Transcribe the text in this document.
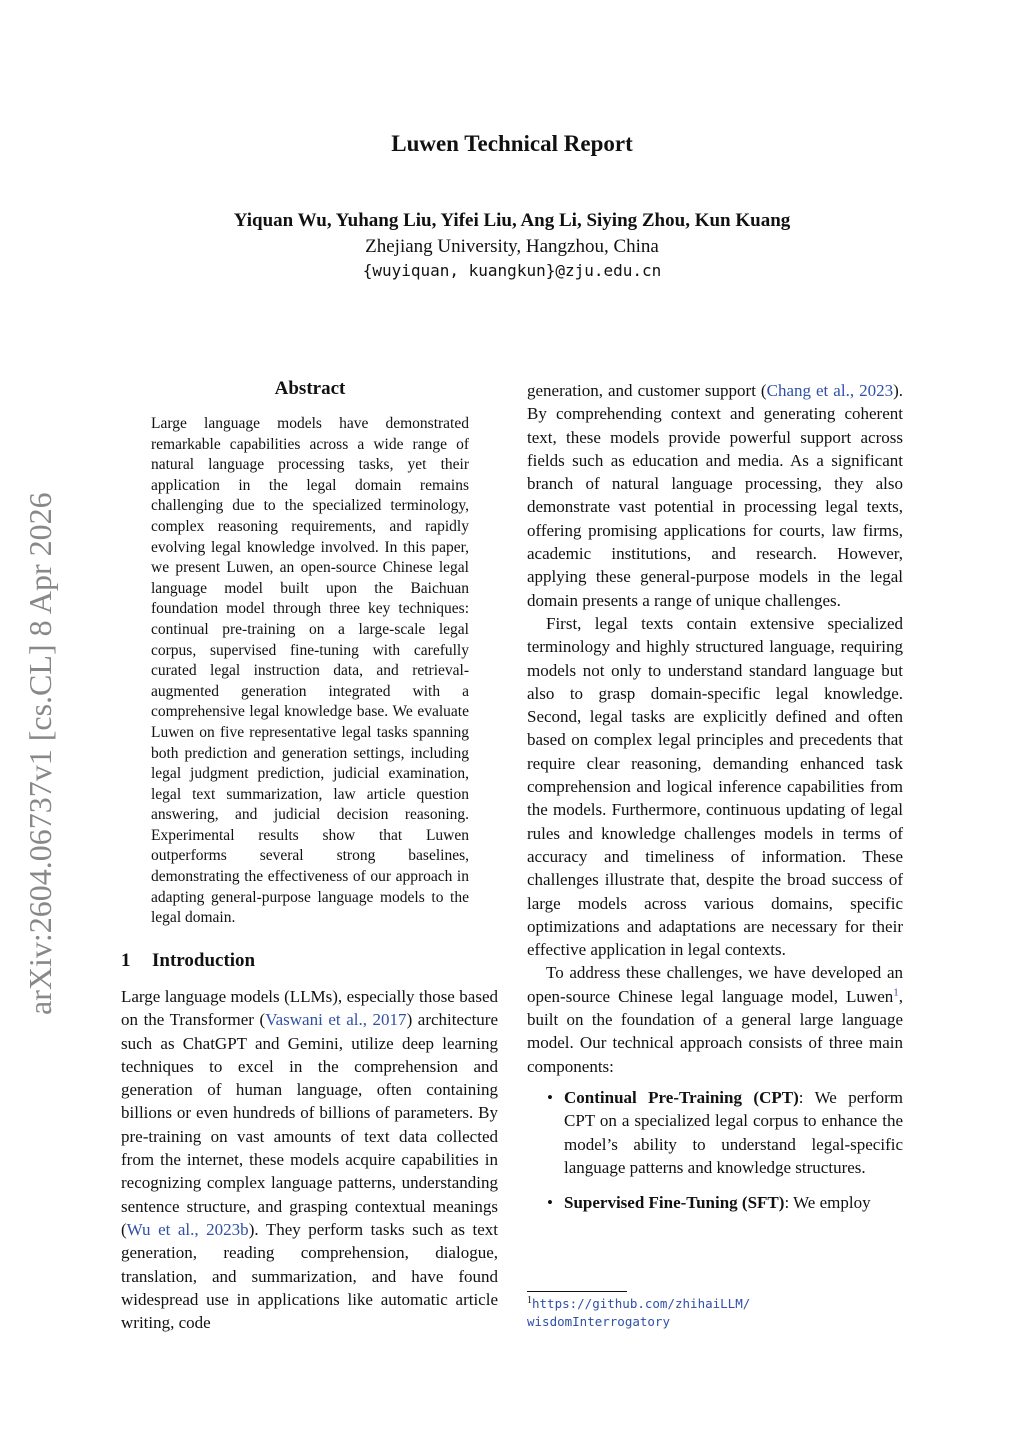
Luwen Technical Report
Yiquan Wu, Yuhang Liu, Yifei Liu, Ang Li, Siying Zhou, Kun Kuang
Zhejiang University, Hangzhou, China
{wuyiquan, kuangkun}@zju.edu.cn
arXiv:2604.06737v1 [cs.CL] 8 Apr 2026
Abstract
Large language models have demonstrated remarkable capabilities across a wide range of natural language processing tasks, yet their application in the legal domain remains challenging due to the specialized terminology, complex reasoning requirements, and rapidly evolving legal knowledge involved. In this paper, we present Luwen, an open-source Chinese legal language model built upon the Baichuan foundation model through three key techniques: continual pre-training on a large-scale legal corpus, supervised fine-tuning with carefully curated legal instruction data, and retrieval-augmented generation integrated with a comprehensive legal knowledge base. We evaluate Luwen on five representative legal tasks spanning both prediction and generation settings, including legal judgment prediction, judicial examination, legal text summarization, law article question answering, and judicial decision reasoning. Experimental results show that Luwen outperforms several strong baselines, demonstrating the effectiveness of our approach in adapting general-purpose language models to the legal domain.
1 Introduction
Large language models (LLMs), especially those based on the Transformer (Vaswani et al., 2017) architecture such as ChatGPT and Gemini, utilize deep learning techniques to excel in the comprehension and generation of human language, often containing billions or even hundreds of billions of parameters. By pre-training on vast amounts of text data collected from the internet, these models acquire capabilities in recognizing complex language patterns, understanding sentence structure, and grasping contextual meanings (Wu et al., 2023b). They perform tasks such as text generation, reading comprehension, dialogue, translation, and summarization, and have found widespread use in applications like automatic article writing, code

generation, and customer support (Chang et al., 2023). By comprehending context and generating coherent text, these models provide powerful support across fields such as education and media. As a significant branch of natural language processing, they also demonstrate vast potential in processing legal texts, offering promising applications for courts, law firms, academic institutions, and research. However, applying these general-purpose models in the legal domain presents a range of unique challenges.

First, legal texts contain extensive specialized terminology and highly structured language, requiring models not only to understand standard language but also to grasp domain-specific legal knowledge. Second, legal tasks are explicitly defined and often based on complex legal principles and precedents that require clear reasoning, demanding enhanced task comprehension and logical inference capabilities from the models. Furthermore, continuous updating of legal rules and knowledge challenges models in terms of accuracy and timeliness of information. These challenges illustrate that, despite the broad success of large models across various domains, specific optimizations and adaptations are necessary for their effective application in legal contexts.

To address these challenges, we have developed an open-source Chinese legal language model, Luwen$^1$, built on the foundation of a general large language model. Our technical approach consists of three main components:

• Continual Pre-Training (CPT): We perform CPT on a specialized legal corpus to enhance the model’s ability to understand legal-specific language patterns and knowledge structures.
• Supervised Fine-Tuning (SFT): We employ
$^1$https://github.com/zhihaiLLM/
wisdomInterrogatory
